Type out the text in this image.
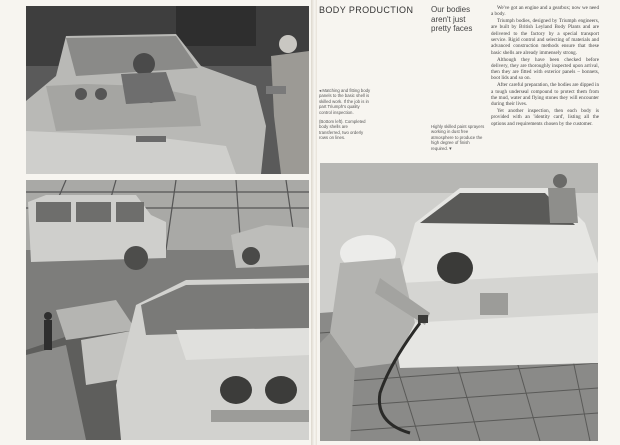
BODY PRODUCTION Our bodies aren't just pretty faces

We've got an engine and a gearbox; now we need a body.

Triumph bodies, designed by Triumph engineers, are built by British Leyland Body Plants and are delivered to the factory by a special transport service. Rigid control and selecting of materials and advanced construction methods ensure that these basic shells are already immensely strong.

Although they have been checked before delivery, they are thoroughly inspected upon arrival, then they are fitted with exterior panels – bonnets, boot lids and so on.

After careful preparation, the bodies are dipped in a tough underseal compound to protect them from the mud, water and flying stones they will encounter during their lives.

Yet another inspection, then each body is provided with an 'identity card', listing all the options and requirements chosen by the customer.

◂ Matching and fitting body panels to the basic shell is skilled work. If the job is in part Triumph's quality control inspection.

(Bottom left). Completed body shells are transferred, two orderly rows on lines.

Highly skilled paint sprayers working in dust free atmosphere to produce the high degree of finish required. ▾
